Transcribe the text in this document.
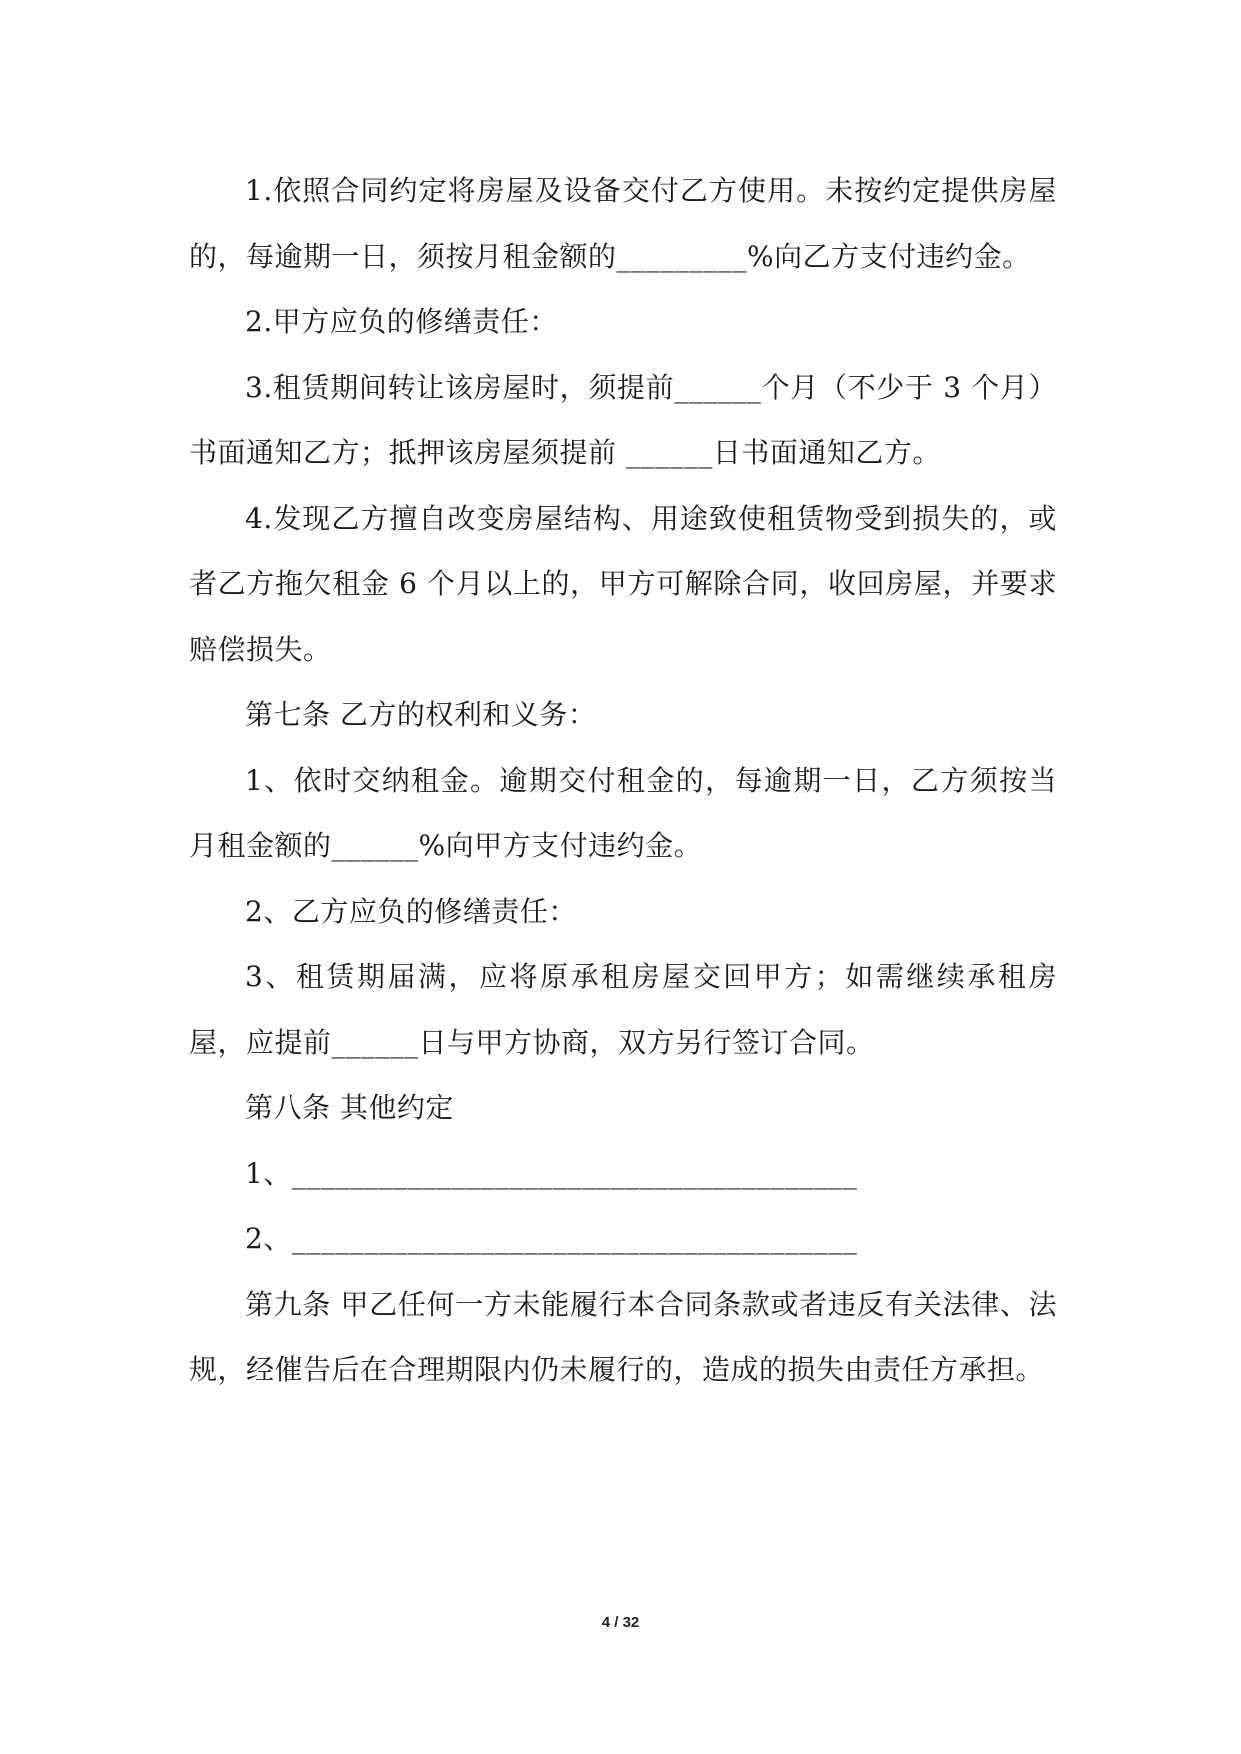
1.依照合同约定将房屋及设备交付乙方使用。未按约定提供房屋的，每逾期一日，须按月租金额的_________%向乙方支付违约金。

2.甲方应负的修缮责任：

3.租赁期间转让该房屋时，须提前______个月（不少于 3 个月）书面通知乙方；抵押该房屋须提前 ______日书面通知乙方。

4.发现乙方擅自改变房屋结构、用途致使租赁物受到损失的，或者乙方拖欠租金 6 个月以上的，甲方可解除合同，收回房屋，并要求赔偿损失。

第七条 乙方的权利和义务：

1、依时交纳租金。逾期交付租金的，每逾期一日，乙方须按当月租金额的______%向甲方支付违约金。

2、乙方应负的修缮责任：

3、租赁期届满，应将原承租房屋交回甲方；如需继续承租房屋，应提前______日与甲方协商，双方另行签订合同。

第八条 其他约定

1、_______________________________________

2、_______________________________________

第九条 甲乙任何一方未能履行本合同条款或者违反有关法律、法规，经催告后在合理期限内仍未履行的，造成的损失由责任方承担。

4 / 32
